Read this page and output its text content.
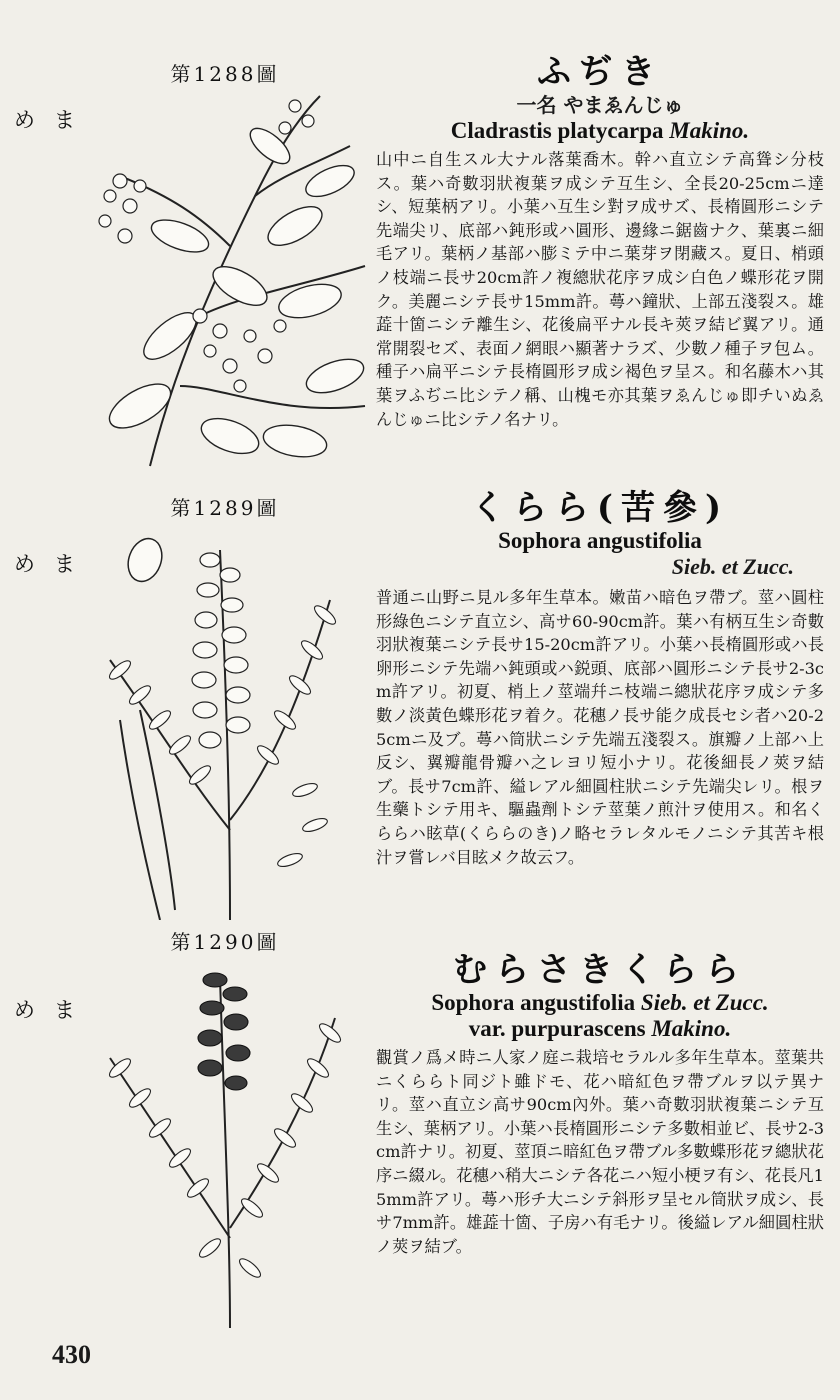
第1288圖
まめ
ふぢき
一名 やまゑんじゅ
Cladrastis platycarpa Makino.
山中ニ自生スル大ナル落葉喬木。幹ハ直立シテ高聳シ分枝ス。葉ハ奇數羽狀複葉ヲ成シテ互生シ、全長20-25cmニ達シ、短葉柄アリ。小葉ハ互生シ對ヲ成サズ、長楕圓形ニシテ先端尖リ、底部ハ鈍形或ハ圓形、邊緣ニ鋸齒ナク、葉裏ニ細毛アリ。葉柄ノ基部ハ膨ミテ中ニ葉芽ヲ閉藏ス。夏日、梢頭ノ枝端ニ長サ20cm許ノ複總狀花序ヲ成シ白色ノ蝶形花ヲ開ク。美麗ニシテ長サ15mm許。蕚ハ鐘狀、上部五淺裂ス。雄蕋十箇ニシテ離生シ、花後扁平ナル長キ莢ヲ結ビ翼アリ。通常開裂セズ、表面ノ網眼ハ顯著ナラズ、少數ノ種子ヲ包ム。種子ハ扁平ニシテ長楕圓形ヲ成シ褐色ヲ呈ス。和名藤木ハ其葉ヲふぢニ比シテノ稱、山槐モ亦其葉ヲゑんじゅ即チいぬゑんじゅニ比シテノ名ナリ。
第1289圖
まめ
くらら(苦參)
Sophora angustifolia
Sieb. et Zucc.
普通ニ山野ニ見ル多年生草本。嫩苗ハ暗色ヲ帶ブ。莖ハ圓柱形綠色ニシテ直立シ、高サ60-90cm許。葉ハ有柄互生シ奇數羽狀複葉ニシテ長サ15-20cm許アリ。小葉ハ長楕圓形或ハ長卵形ニシテ先端ハ鈍頭或ハ鋭頭、底部ハ圓形ニシテ長サ2-3cm許アリ。初夏、梢上ノ莖端幷ニ枝端ニ總狀花序ヲ成シテ多數ノ淡黃色蝶形花ヲ着ク。花穗ノ長サ能ク成長セシ者ハ20-25cmニ及ブ。蕚ハ筒狀ニシテ先端五淺裂ス。旗瓣ノ上部ハ上反シ、翼瓣龍骨瓣ハ之レヨリ短小ナリ。花後細長ノ莢ヲ結ブ。長サ7cm許、縊レアル細圓柱狀ニシテ先端尖レリ。根ヲ生藥トシテ用キ、驅蟲劑トシテ莖葉ノ煎汁ヲ使用ス。和名くららハ眩草(くららのき)ノ略セラレタルモノニシテ其苦キ根汁ヲ嘗レバ目眩メク故云フ。
第1290圖
まめ
むらさきくらら
Sophora angustifolia Sieb. et Zucc.
var. purpurascens Makino.
觀賞ノ爲メ時ニ人家ノ庭ニ栽培セラルル多年生草本。莖葉共ニくららト同ジト雖ドモ、花ハ暗紅色ヲ帶ブルヲ以テ異ナリ。莖ハ直立シ高サ90cm內外。葉ハ奇數羽狀複葉ニシテ互生シ、葉柄アリ。小葉ハ長楕圓形ニシテ多數相並ビ、長サ2-3cm許ナリ。初夏、莖頂ニ暗紅色ヲ帶ブル多數蝶形花ヲ總狀花序ニ綴ル。花穗ハ稍大ニシテ各花ニハ短小梗ヲ有シ、花長凡15mm許アリ。蕚ハ形チ大ニシテ斜形ヲ呈セル筒狀ヲ成シ、長サ7mm許。雄蕋十箇、子房ハ有毛ナリ。後縊レアル細圓柱狀ノ莢ヲ結ブ。
430
